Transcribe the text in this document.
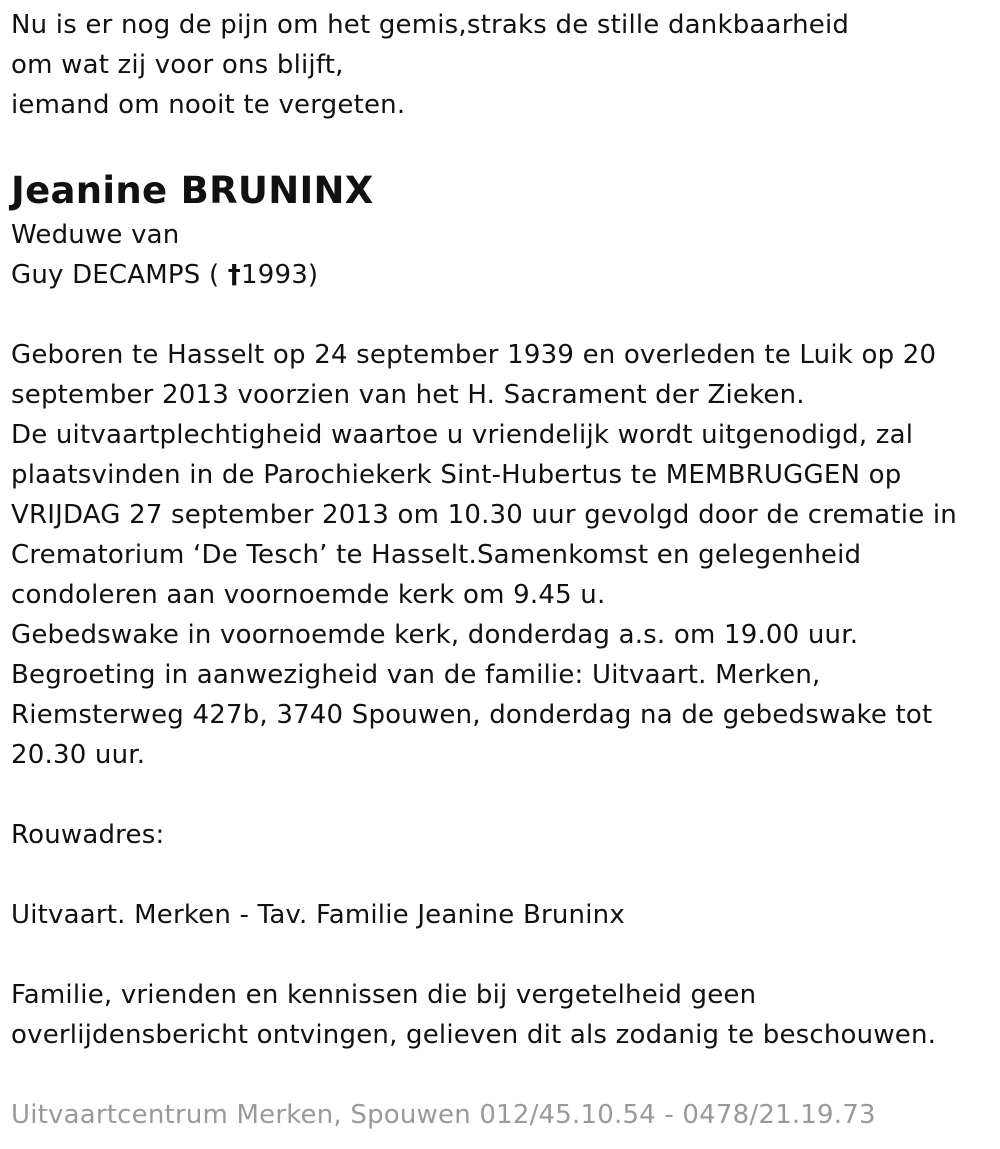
Nu is er nog de pijn om het gemis,straks de stille dankbaarheid
om wat zij voor ons blijft,
iemand om nooit te vergeten.
Jeanine BRUNINX
Weduwe van
Guy DECAMPS ( †1993)
Geboren te Hasselt op 24 september 1939 en overleden te Luik op 20
september 2013 voorzien van het H. Sacrament der Zieken.
De uitvaartplechtigheid waartoe u vriendelijk wordt uitgenodigd, zal
plaatsvinden in de Parochiekerk Sint-Hubertus te MEMBRUGGEN op
VRIJDAG 27 september 2013 om 10.30 uur gevolgd door de crematie in
Crematorium ‘De Tesch’ te Hasselt.Samenkomst en gelegenheid
condoleren aan voornoemde kerk om 9.45 u.
Gebedswake in voornoemde kerk, donderdag a.s. om 19.00 uur.
Begroeting in aanwezigheid van de familie: Uitvaart. Merken,
Riemsterweg 427b, 3740 Spouwen, donderdag na de gebedswake tot
20.30 uur.
Rouwadres:
Uitvaart. Merken - Tav. Familie Jeanine Bruninx
Familie, vrienden en kennissen die bij vergetelheid geen
overlijdensbericht ontvingen, gelieven dit als zodanig te beschouwen.
Uitvaartcentrum Merken, Spouwen 012/45.10.54 - 0478/21.19.73
